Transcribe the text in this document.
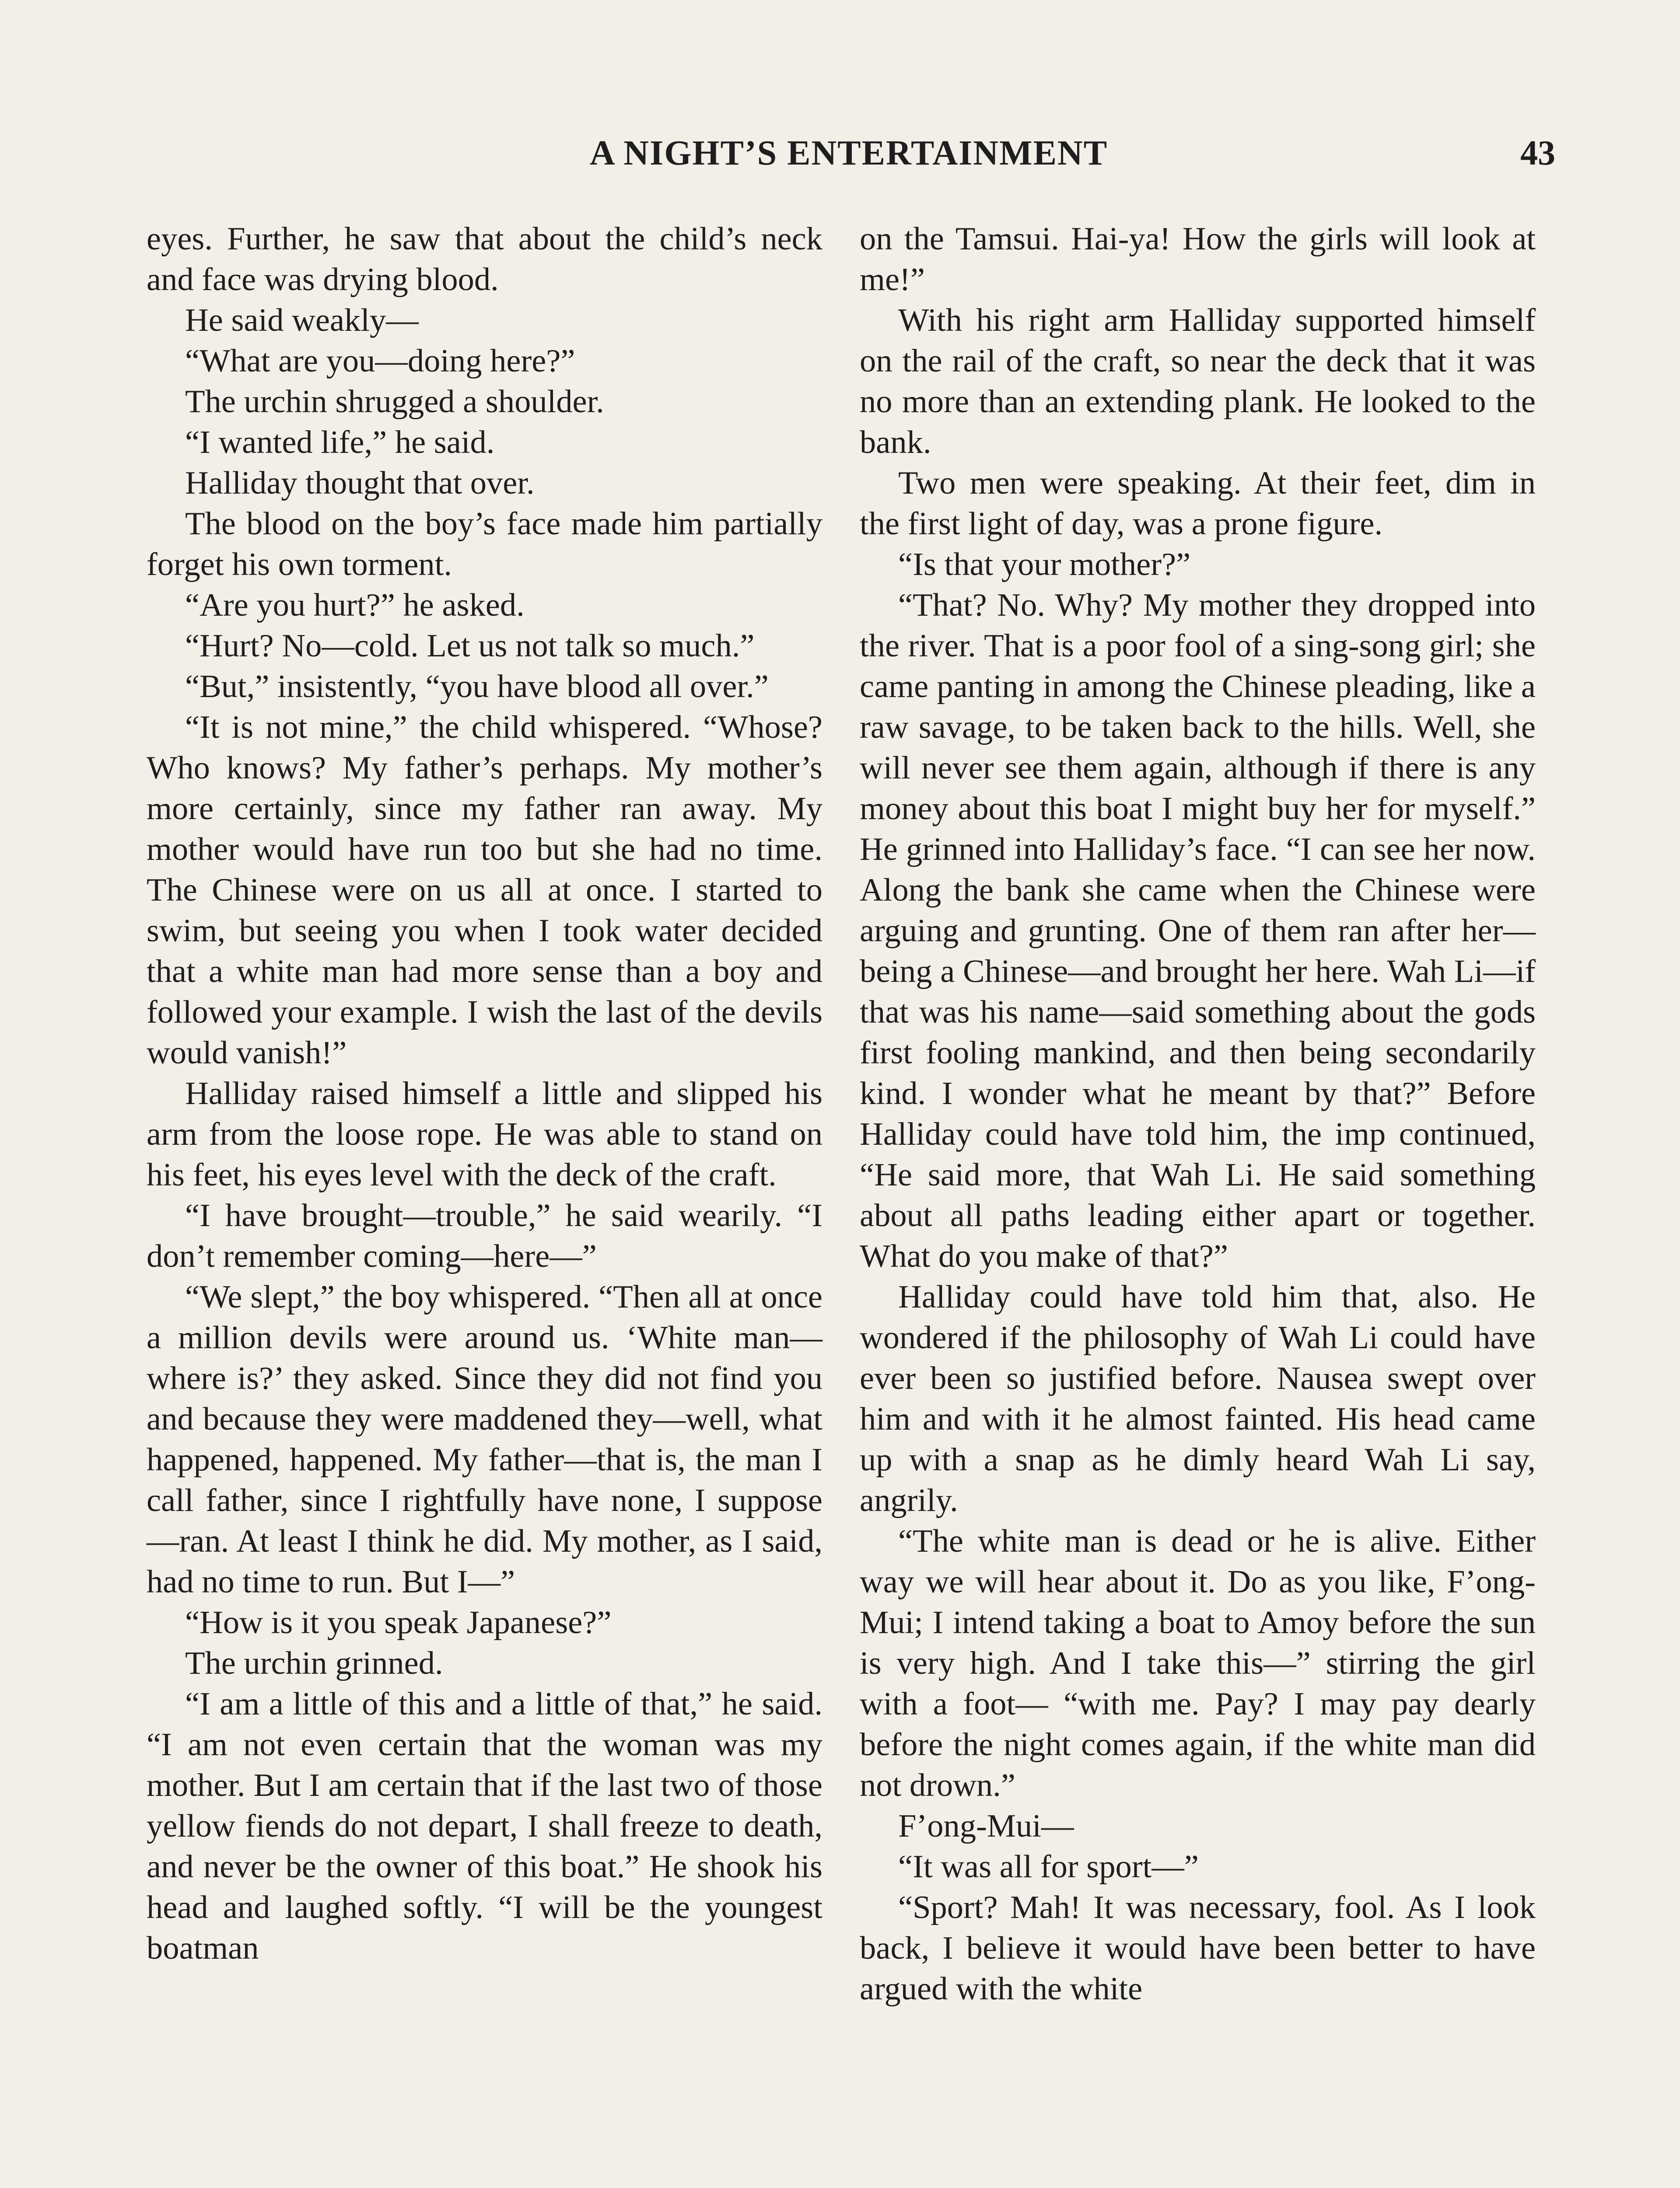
A NIGHT’S ENTERTAINMENT	43

eyes. Further, he saw that about the child’s neck and face was drying blood.

He said weakly—

“What are you—doing here?”

The urchin shrugged a shoulder.

“I wanted life,” he said.

Halliday thought that over.

The blood on the boy’s face made him partially forget his own torment.

“Are you hurt?” he asked.

“Hurt? No—cold. Let us not talk so much.”

“But,” insistently, “you have blood all over.”

“It is not mine,” the child whispered. “Whose? Who knows? My father’s perhaps. My mother’s more certainly, since my father ran away. My mother would have run too but she had no time. The Chinese were on us all at once. I started to swim, but seeing you when I took water decided that a white man had more sense than a boy and followed your example. I wish the last of the devils would vanish!”

Halliday raised himself a little and slipped his arm from the loose rope. He was able to stand on his feet, his eyes level with the deck of the craft.

“I have brought—trouble,” he said wearily. “I don’t remember coming—here—”

“We slept,” the boy whispered. “Then all at once a million devils were around us. ‘White man—where is?’ they asked. Since they did not find you and because they were maddened they—well, what happened, happened. My father—that is, the man I call father, since I rightfully have none, I suppose—ran. At least I think he did. My mother, as I said, had no time to run. But I—”

“How is it you speak Japanese?”

The urchin grinned.

“I am a little of this and a little of that,” he said. “I am not even certain that the woman was my mother. But I am certain that if the last two of those yellow fiends do not depart, I shall freeze to death, and never be the owner of this boat.” He shook his head and laughed softly. “I will be the youngest boatman

on the Tamsui. Hai-ya! How the girls will look at me!”

With his right arm Halliday supported himself on the rail of the craft, so near the deck that it was no more than an extending plank. He looked to the bank.

Two men were speaking. At their feet, dim in the first light of day, was a prone figure.

“Is that your mother?”

“That? No. Why? My mother they dropped into the river. That is a poor fool of a sing-song girl; she came panting in among the Chinese pleading, like a raw savage, to be taken back to the hills. Well, she will never see them again, although if there is any money about this boat I might buy her for myself.” He grinned into Halliday’s face. “I can see her now. Along the bank she came when the Chinese were arguing and grunting. One of them ran after her—being a Chinese—and brought her here. Wah Li—if that was his name—said something about the gods first fooling mankind, and then being secondarily kind. I wonder what he meant by that?” Before Halliday could have told him, the imp continued, “He said more, that Wah Li. He said something about all paths leading either apart or together. What do you make of that?”

Halliday could have told him that, also. He wondered if the philosophy of Wah Li could have ever been so justified before. Nausea swept over him and with it he almost fainted. His head came up with a snap as he dimly heard Wah Li say, angrily.

“The white man is dead or he is alive. Either way we will hear about it. Do as you like, F’ong-Mui; I intend taking a boat to Amoy before the sun is very high. And I take this—” stirring the girl with a foot— “with me. Pay? I may pay dearly before the night comes again, if the white man did not drown.”

F’ong-Mui—

“It was all for sport—”

“Sport? Mah! It was necessary, fool. As I look back, I believe it would have been better to have argued with the white
